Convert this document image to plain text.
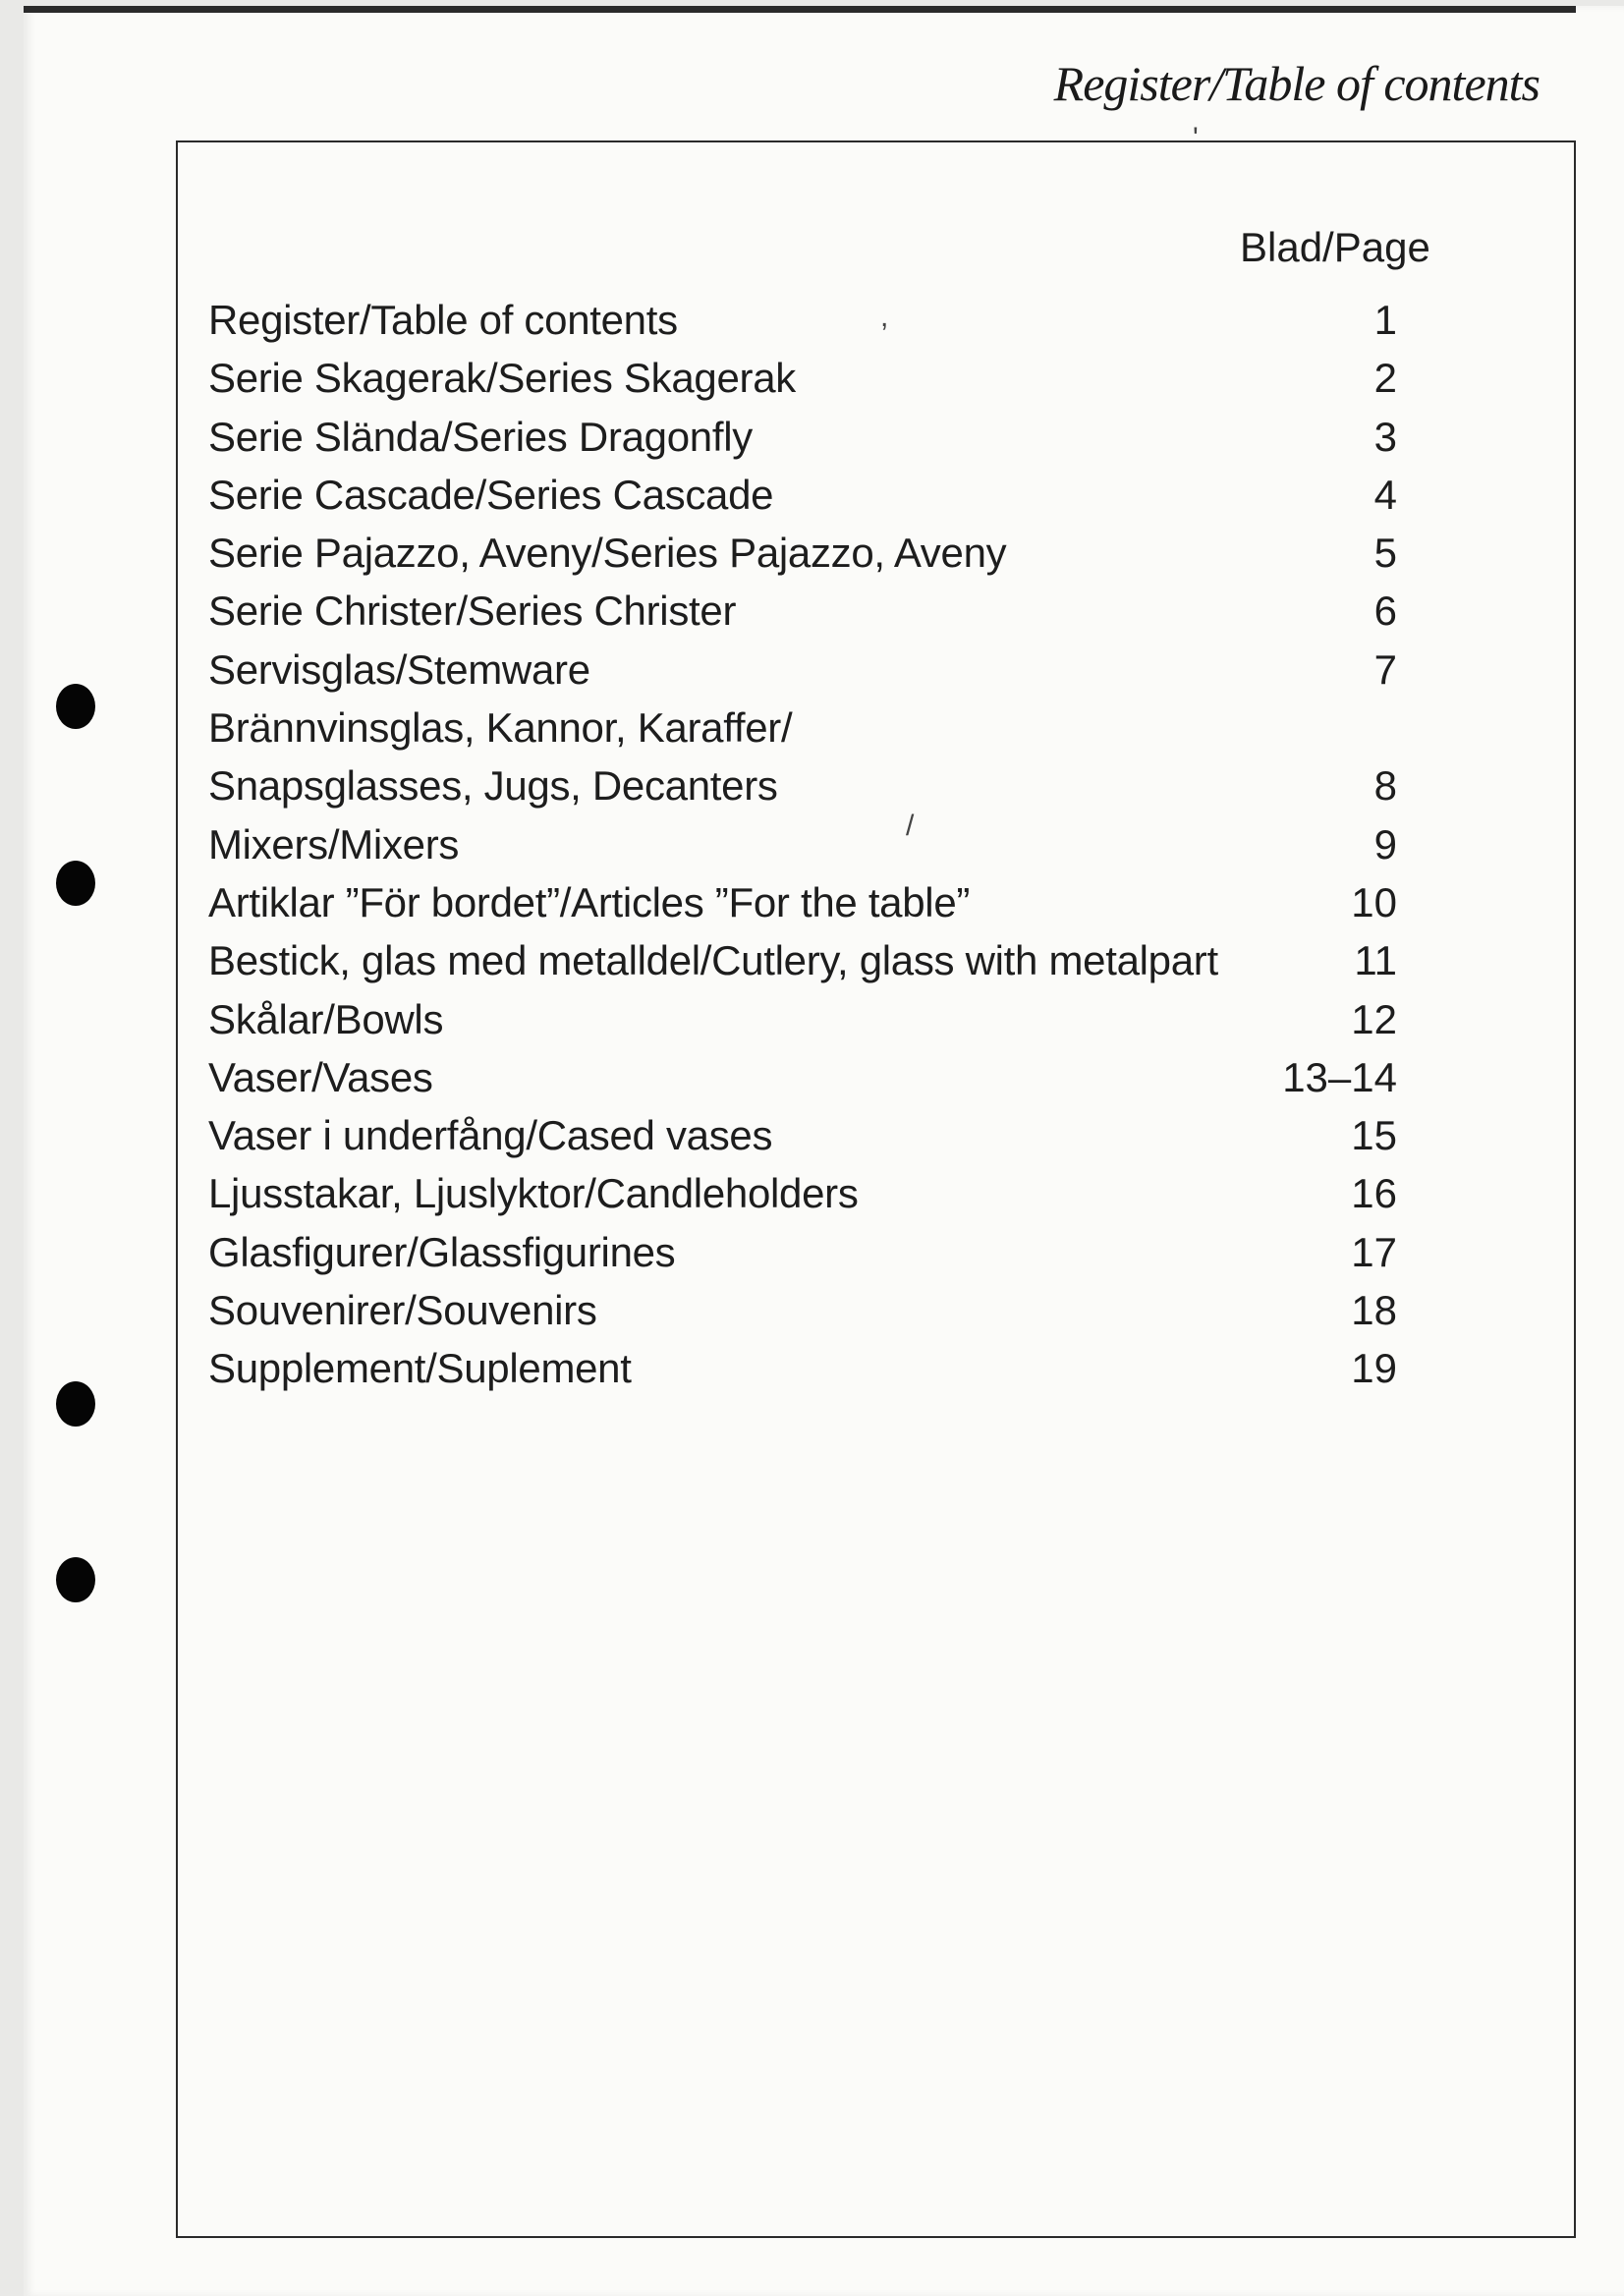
Register/Table of contents
Blad/Page
Register/Table of contents	1
Serie Skagerak/Series Skagerak	2
Serie Slända/Series Dragonfly	3
Serie Cascade/Series Cascade	4
Serie Pajazzo, Aveny/Series Pajazzo, Aveny	5
Serie Christer/Series Christer	6
Servisglas/Stemware	7
Brännvinsglas, Kannor, Karaffer/
Snapsglasses, Jugs, Decanters	8
Mixers/Mixers	9
Artiklar ”För bordet”/Articles ”For the table”	10
Bestick, glas med metalldel/Cutlery, glass with metalpart	11
Skålar/Bowls	12
Vaser/Vases	13–14
Vaser i underfång/Cased vases	15
Ljusstakar, Ljuslyktor/Candleholders	16
Glasfigurer/Glassfigurines	17
Souvenirer/Souvenirs	18
Supplement/Suplement	19
'
,
/
